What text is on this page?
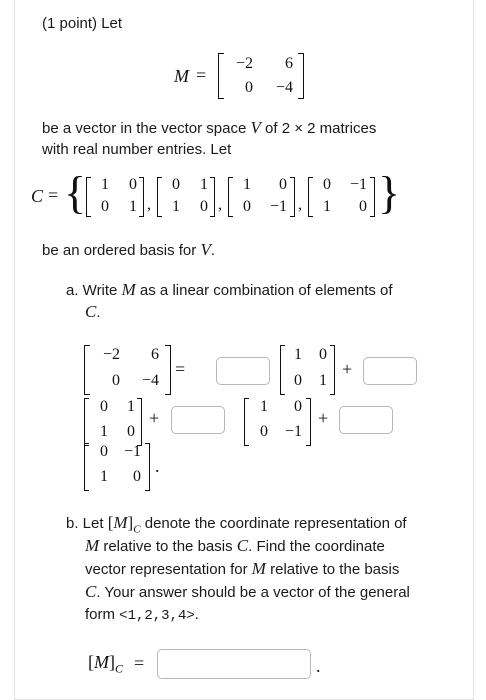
(1 point) Let
M =
−2	6
0	−4
be a vector in the vector space V of 2 × 2 matrices
with real number entries. Let
C = { 1	0
0	1 ,
0	1
1	0 ,
1	0
0	−1 ,
0	−1
1	0 }
be an ordered basis for V.
a. Write M as a linear combination of elements of
C.
−2	6
0	−4
=
1	0
0	1
+
0	1
1	0
+
1	0
0	−1
+
0 −1
1	0
.
b. Let $[M]_C$ denote the coordinate representation of
M relative to the basis C. Find the coordinate
vector representation for M relative to the basis
C. Your answer should be a vector of the general
form <1,2,3,4>.
$[M]_C$ =	.
